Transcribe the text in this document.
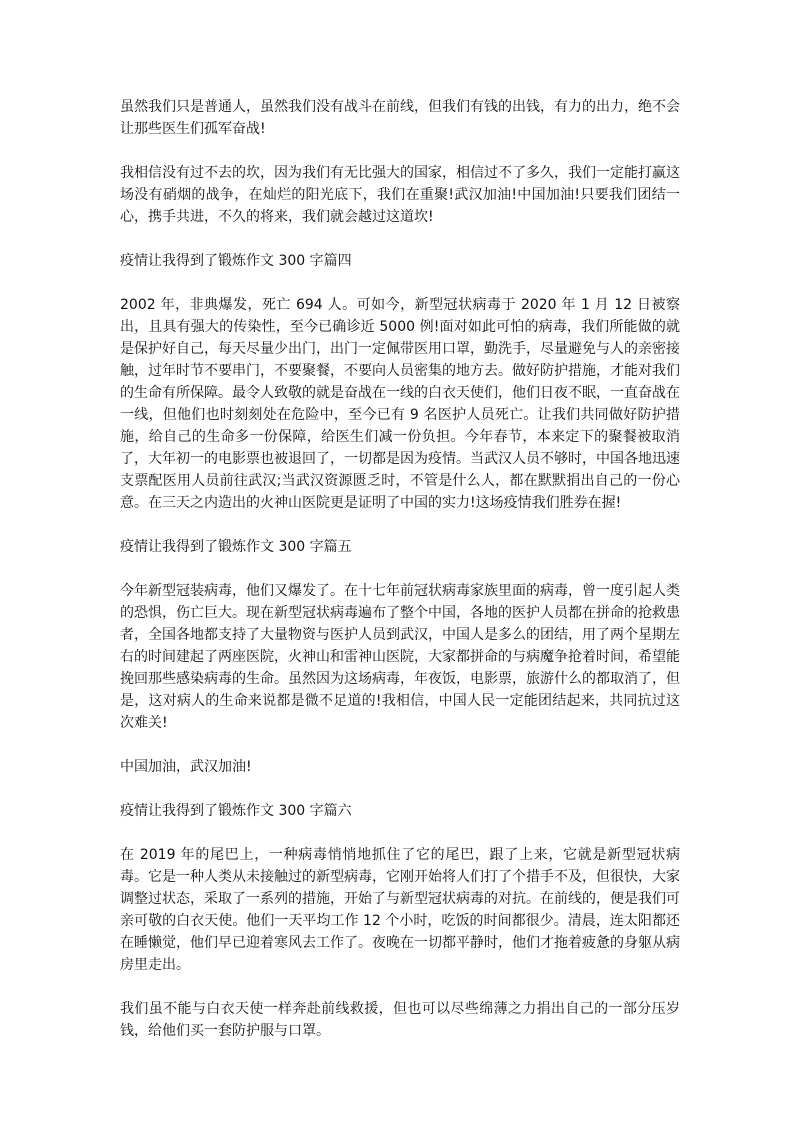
虽然我们只是普通人，虽然我们没有战斗在前线，但我们有钱的出钱，有力的出力，绝不会让那些医生们孤军奋战!

我相信没有过不去的坎，因为我们有无比强大的国家，相信过不了多久，我们一定能打赢这场没有硝烟的战争，在灿烂的阳光底下，我们在重聚!武汉加油!中国加油!只要我们团结一心，携手共进，不久的将来，我们就会越过这道坎!

疫情让我得到了锻炼作文 300 字篇四

2002 年，非典爆发，死亡 694 人。可如今，新型冠状病毒于 2020 年 1 月 12 日被察出，且具有强大的传染性，至今已确诊近 5000 例!面对如此可怕的病毒，我们所能做的就是保护好自己，每天尽量少出门，出门一定佩带医用口罩，勤洗手，尽量避免与人的亲密接触，过年时节不要串门，不要聚餐，不要向人员密集的地方去。做好防护措施，才能对我们的生命有所保障。最令人致敬的就是奋战在一线的白衣天使们，他们日夜不眠，一直奋战在一线，但他们也时刻刻处在危险中，至今已有 9 名医护人员死亡。让我们共同做好防护措施，给自己的生命多一份保障，给医生们减一份负担。今年春节，本来定下的聚餐被取消了，大年初一的电影票也被退回了，一切都是因为疫情。当武汉人员不够时，中国各地迅速支票配医用人员前往武汉;当武汉资源匮乏时，不管是什么人，都在默默捐出自己的一份心意。在三天之内造出的火神山医院更是证明了中国的实力!这场疫情我们胜券在握!

疫情让我得到了锻炼作文 300 字篇五

今年新型冠装病毒，他们又爆发了。在十七年前冠状病毒家族里面的病毒，曾一度引起人类的恐惧，伤亡巨大。现在新型冠状病毒遍布了整个中国，各地的医护人员都在拼命的抢救患者，全国各地都支持了大量物资与医护人员到武汉，中国人是多么的团结，用了两个星期左右的时间建起了两座医院，火神山和雷神山医院，大家都拼命的与病魔争抢着时间，希望能挽回那些感染病毒的生命。虽然因为这场病毒，年夜饭，电影票，旅游什么的都取消了，但是，这对病人的生命来说都是微不足道的!我相信，中国人民一定能团结起来，共同抗过这次难关!

中国加油，武汉加油!

疫情让我得到了锻炼作文 300 字篇六

在 2019 年的尾巴上，一种病毒悄悄地抓住了它的尾巴，跟了上来，它就是新型冠状病毒。它是一种人类从未接触过的新型病毒，它刚开始将人们打了个措手不及，但很快，大家调整过状态，采取了一系列的措施，开始了与新型冠状病毒的对抗。在前线的，便是我们可亲可敬的白衣天使。他们一天平均工作 12 个小时，吃饭的时间都很少。清晨，连太阳都还在睡懒觉，他们早已迎着寒风去工作了。夜晚在一切都平静时，他们才拖着疲惫的身躯从病房里走出。

我们虽不能与白衣天使一样奔赴前线救援，但也可以尽些绵薄之力捐出自己的一部分压岁钱，给他们买一套防护服与口罩。
